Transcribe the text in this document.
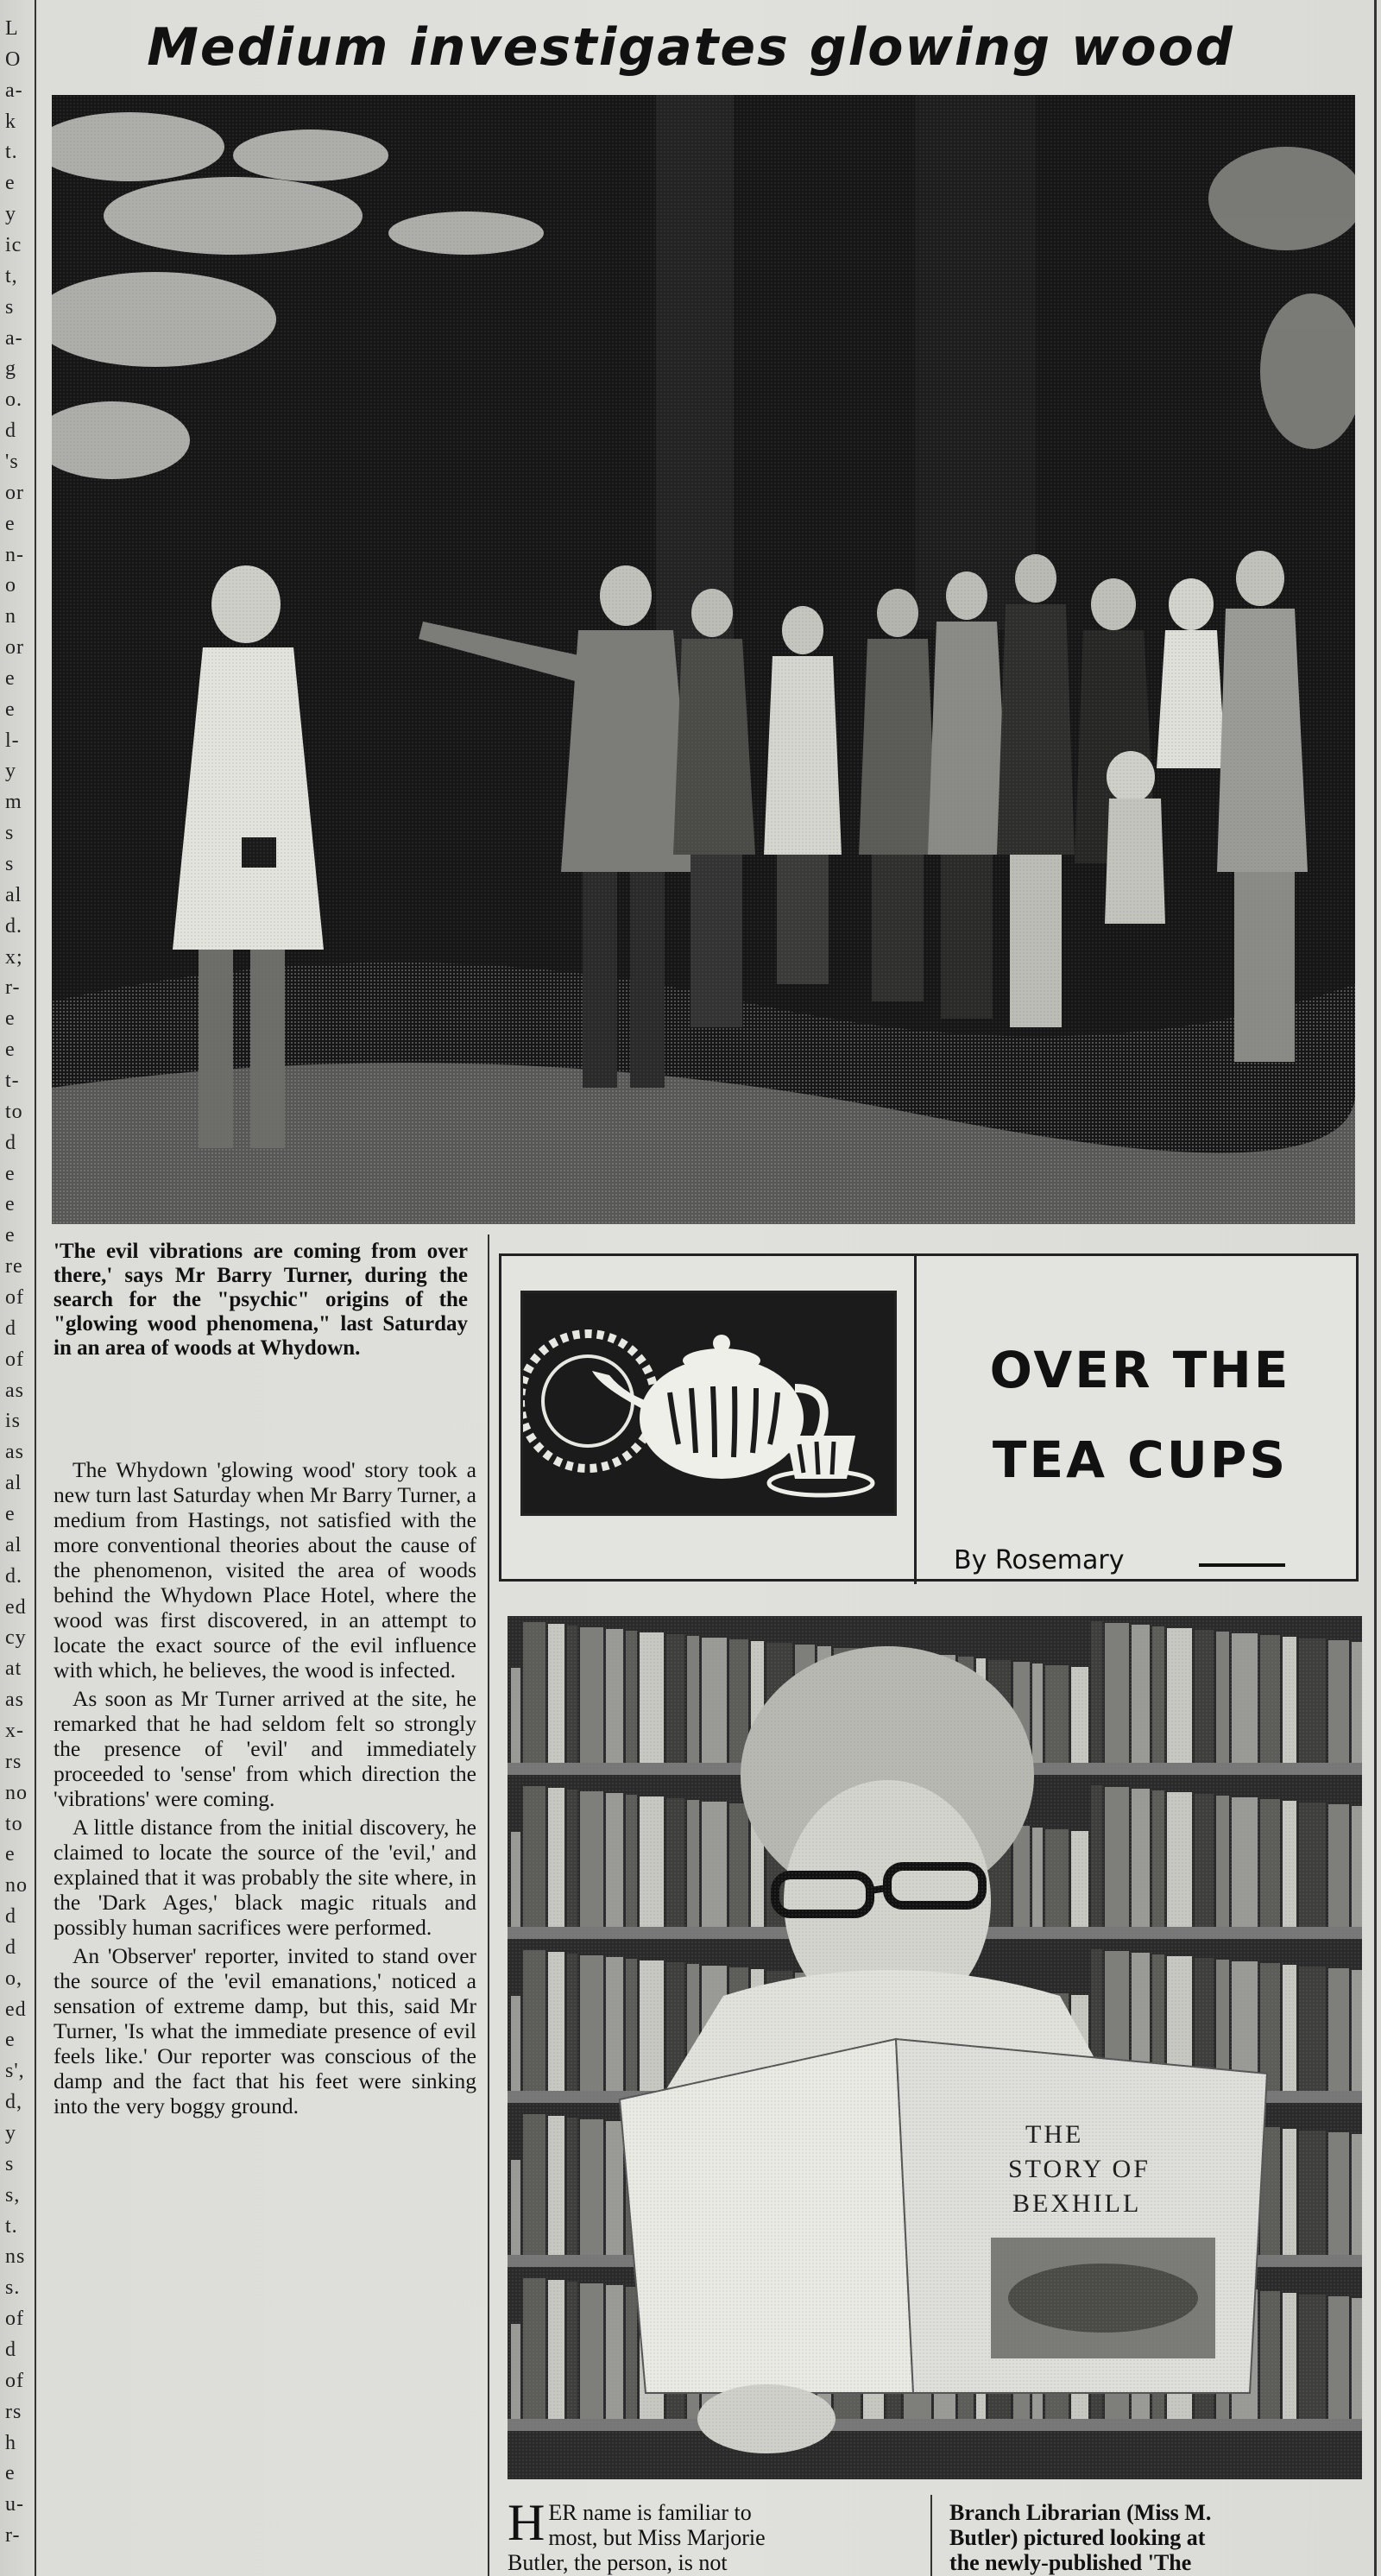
L
O
a-
k
t.
e
y
ic
t,
s
a-
g
o.
d
's
or
e
n-
o
n
or
e
e
l-
y
m
s
s
al
d.
x;
r-
e
e
t-
to
d
e
e
e
re
of
d
of
as
is
as
al
e
al
d.
ed
cy
at
as
x-
rs
no
to
e
no
d
d
o,
ed
e
s',
d,
y
s
s,
t.
ns
s.
of
d
of
rs
h
e
u-
r-
Medium investigates glowing wood
'The evil vibrations are coming from over there,' says Mr Barry Turner, during the search for the "psychic" origins of the "glowing wood phenomena," last Saturday in an area of woods at Whydown.

The Whydown 'glowing wood' story took a new turn last Saturday when Mr Barry Turner, a medium from Hastings, not satisfied with the more conventional theories about the cause of the phenomenon, visited the area of woods behind the Whydown Place Hotel, where the wood was first discovered, in an attempt to locate the exact source of the evil influence with which, he believes, the wood is infected.

As soon as Mr Turner arrived at the site, he remarked that he had seldom felt so strongly the presence of 'evil' and immediately proceeded to 'sense' from which direction the 'vibrations' were coming.

A little distance from the initial discovery, he claimed to locate the source of the 'evil,' and explained that it was probably the site where, in the 'Dark Ages,' black magic rituals and possibly human sacrifices were performed.

An 'Observer' reporter, invited to stand over the source of the 'evil emanations,' noticed a sensation of extreme damp, but this, said Mr Turner, 'Is what the immediate presence of evil feels like.' Our reporter was conscious of the damp and the fact that his feet were sinking into the very boggy ground.

OVER THE
TEA CUPS
By Rosemary
THE
STORY OF
BEXHILL
H ER name is familiar to
most, but Miss Marjorie
Butler, the person, is not
Branch Librarian (Miss M.
Butler) pictured looking at
the newly-published 'The
